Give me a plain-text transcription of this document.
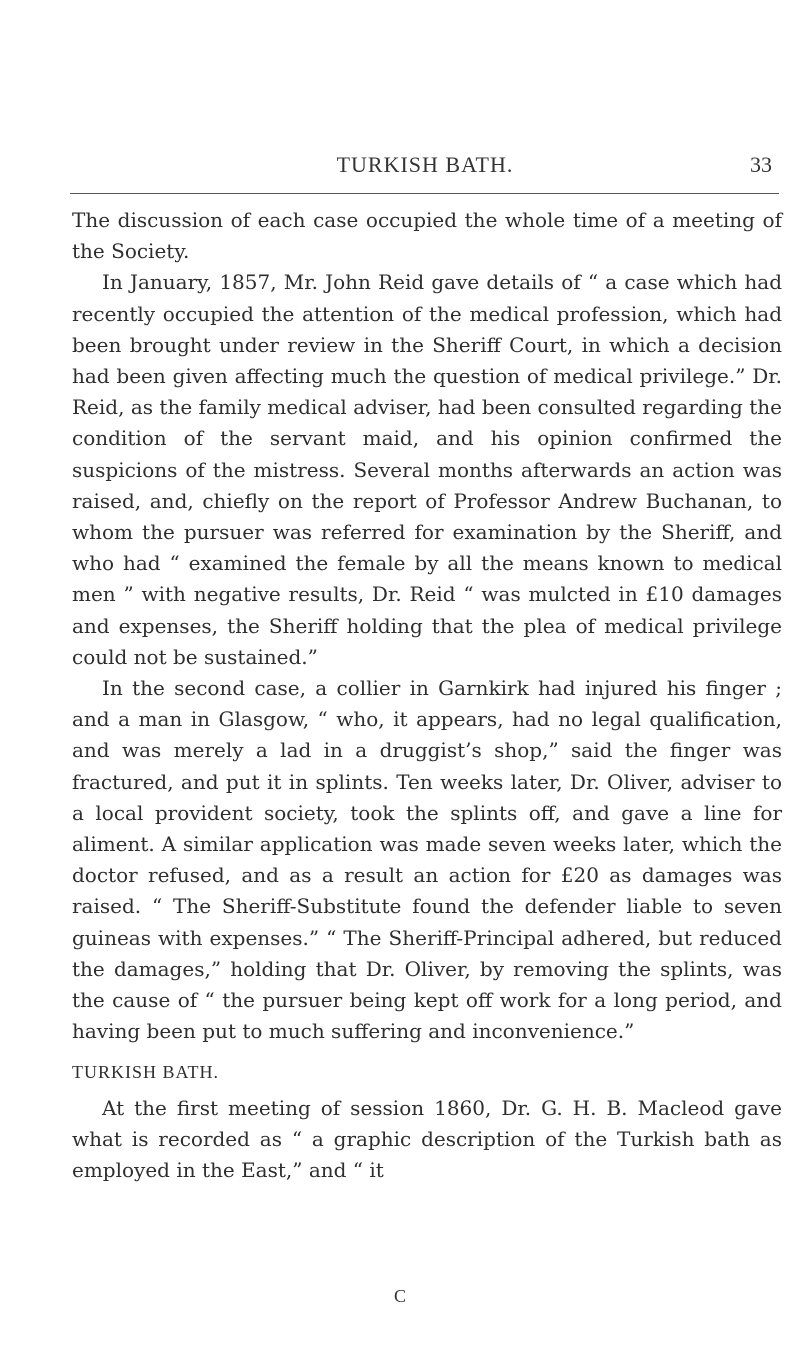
TURKISH BATH.	33

The discussion of each case occupied the whole time of a meeting of the Society.

In January, 1857, Mr. John Reid gave details of “ a case which had recently occupied the attention of the medical profession, which had been brought under review in the Sheriff Court, in which a decision had been given affecting much the question of medical privilege.” Dr. Reid, as the family medical adviser, had been consulted regarding the condition of the servant maid, and his opinion confirmed the suspicions of the mistress. Several months afterwards an action was raised, and, chiefly on the report of Professor Andrew Buchanan, to whom the pursuer was referred for examination by the Sheriff, and who had “ examined the female by all the means known to medical men ” with negative results, Dr. Reid “ was mulcted in £10 damages and expenses, the Sheriff holding that the plea of medical privilege could not be sustained.”

In the second case, a collier in Garnkirk had injured his finger ; and a man in Glasgow, “ who, it appears, had no legal qualification, and was merely a lad in a druggist’s shop,” said the finger was fractured, and put it in splints. Ten weeks later, Dr. Oliver, adviser to a local provident society, took the splints off, and gave a line for aliment. A similar application was made seven weeks later, which the doctor refused, and as a result an action for £20 as damages was raised. “ The Sheriff-Substitute found the defender liable to seven guineas with expenses.” “ The Sheriff-Principal adhered, but reduced the damages,” holding that Dr. Oliver, by removing the splints, was the cause of “ the pursuer being kept off work for a long period, and having been put to much suffering and inconvenience.”

TURKISH BATH.

At the first meeting of session 1860, Dr. G. H. B. Macleod gave what is recorded as “ a graphic description of the Turkish bath as employed in the East,” and “ it

C
